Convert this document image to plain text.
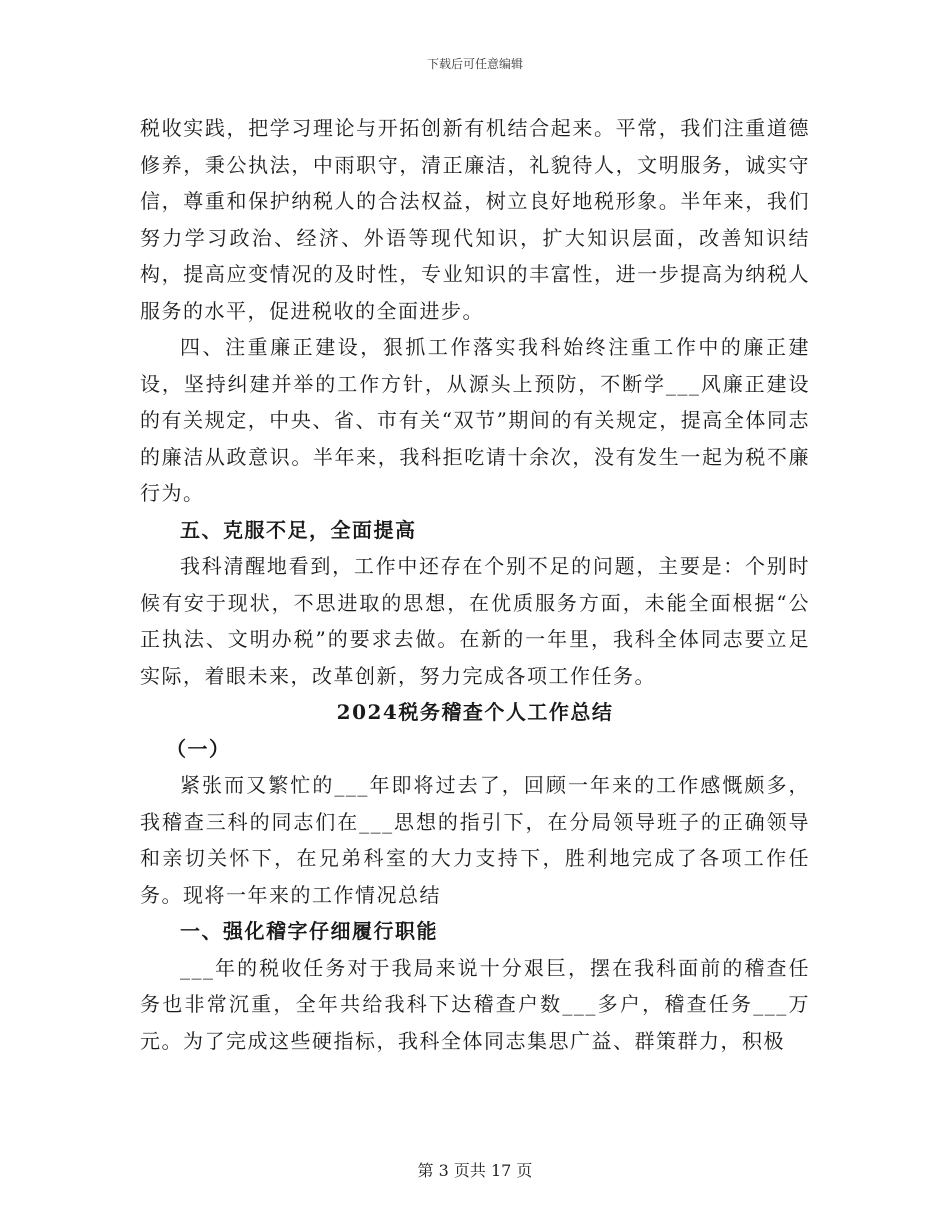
下载后可任意编辑

税收实践，把学习理论与开拓创新有机结合起来。平常，我们注重道德修养，秉公执法，中雨职守，清正廉洁，礼貌待人，文明服务，诚实守信，尊重和保护纳税人的合法权益，树立良好地税形象。半年来，我们努力学习政治、经济、外语等现代知识，扩大知识层面，改善知识结构，提高应变情况的及时性，专业知识的丰富性，进一步提高为纳税人服务的水平，促进税收的全面进步。

四、注重廉正建设，狠抓工作落实我科始终注重工作中的廉正建设，坚持纠建并举的工作方针，从源头上预防，不断学___风廉正建设的有关规定，中央、省、市有关“双节”期间的有关规定，提高全体同志的廉洁从政意识。半年来，我科拒吃请十余次，没有发生一起为税不廉行为。

五、克服不足，全面提高

我科清醒地看到，工作中还存在个别不足的问题，主要是：个别时候有安于现状，不思进取的思想，在优质服务方面，未能全面根据“公正执法、文明办税”的要求去做。在新的一年里，我科全体同志要立足实际，着眼未来，改革创新，努力完成各项工作任务。

2024税务稽查个人工作总结

（一）

紧张而又繁忙的___年即将过去了，回顾一年来的工作感慨颇多，我稽查三科的同志们在___思想的指引下，在分局领导班子的正确领导和亲切关怀下，在兄弟科室的大力支持下，胜利地完成了各项工作任务。现将一年来的工作情况总结

一、强化稽字仔细履行职能

___年的税收任务对于我局来说十分艰巨，摆在我科面前的稽查任务也非常沉重，全年共给我科下达稽查户数___多户，稽查任务___万元。为了完成这些硬指标，我科全体同志集思广益、群策群力，积极

第 3 页共 17 页
